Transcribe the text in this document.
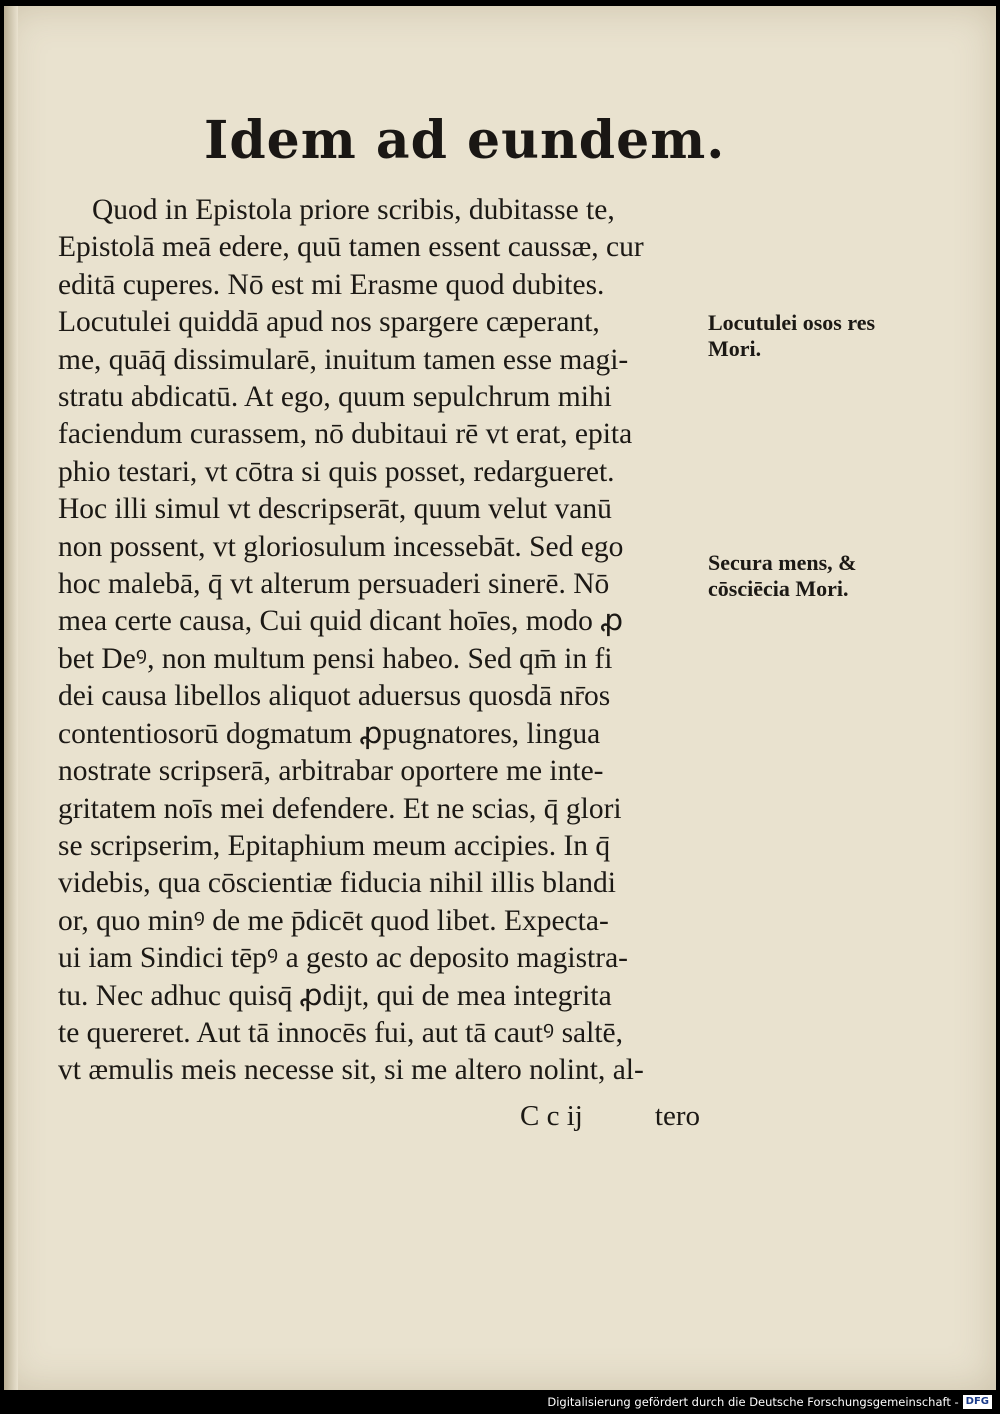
Idem ad eundem.
Quod in Epistola priore scribis, dubitasse te,
Epistolā meā edere, quū tamen essent caussæ, cur
editā cuperes. Nō est mi Erasme quod dubites.
Locutulei quiddā apud nos spargere cæperant,
me, quāq̄ dissimularē, inuitum tamen esse magi-
stratu abdicatū. At ego, quum sepulchrum mihi
faciendum curassem, nō dubitaui rē vt erat, epita
phio testari, vt cōtra si quis posset, redargueret.
Hoc illi simul vt descripserāt, quum velut vanū
non possent, vt gloriosulum incessebāt. Sed ego
hoc malebā, q̄ vt alterum persuaderi sinerē. Nō
mea certe causa, Cui quid dicant hoīes, modo ꝓ
bet Deꝰ, non multum pensi habeo. Sed qm̄ in fi
dei causa libellos aliquot aduersus quosdā nr̄os
contentiosorū dogmatum ꝓpugnatores, lingua
nostrate scripserā, arbitrabar oportere me inte-
gritatem noīs mei defendere. Et ne scias, q̄ glori
se scripserim, Epitaphium meum accipies. In q̄
videbis, qua cōscientiæ fiducia nihil illis blandi
or, quo minꝰ de me p̄dicēt quod libet. Expecta-
ui iam Sindici tēpꝰ a gesto ac deposito magistra-
tu. Nec adhuc quisq̄ ꝓdijt, qui de mea integrita
te quereret. Aut tā innocēs fui, aut tā cautꝰ saltē,
vt æmulis meis necesse sit, si me altero nolint, al-
C c ij tero
Locutulei osos res Mori.
Secura mens, & cōsciēcia Mori.
Digitalisierung gefördert durch die Deutsche Forschungsgemeinschaft - DFG
